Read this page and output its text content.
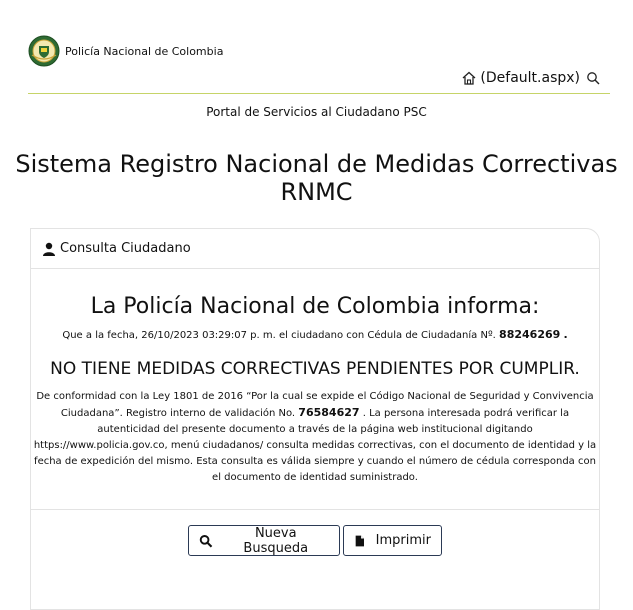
Policía Nacional de Colombia
(Default.aspx)
Portal de Servicios al Ciudadano PSC
Sistema Registro Nacional de Medidas Correctivas
RNMC
Consulta Ciudadano
La Policía Nacional de Colombia informa:
Que a la fecha, 26/10/2023 03:29:07 p. m. el ciudadano con Cédula de Ciudadanía Nº. 88246269 .
NO TIENE MEDIDAS CORRECTIVAS PENDIENTES POR CUMPLIR.
De conformidad con la Ley 1801 de 2016 “Por la cual se expide el Código Nacional de Seguridad y Convivencia Ciudadana”. Registro interno de validación No. 76584627 . La persona interesada podrá verificar la autenticidad del presente documento a través de la página web institucional digitando https://www.policia.gov.co, menú ciudadanos/ consulta medidas correctivas, con el documento de identidad y la fecha de expedición del mismo. Esta consulta es válida siempre y cuando el número de cédula corresponda con el documento de identidad suministrado.
Nueva Busqueda	Imprimir
